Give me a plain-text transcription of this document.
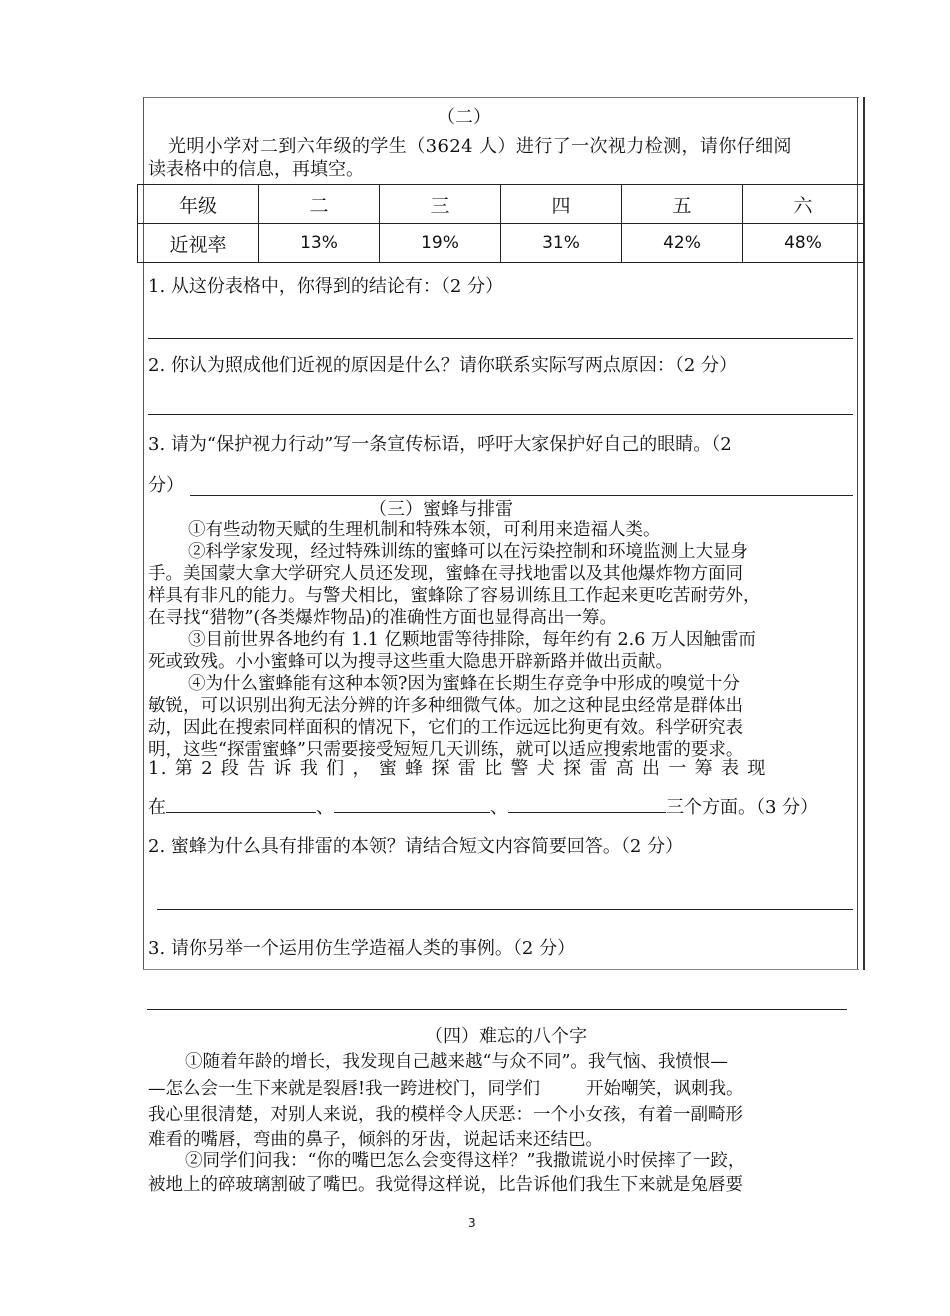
（二）
光明小学对二到六年级的学生（3624 人）进行了一次视力检测，请你仔细阅
读表格中的信息，再填空。
年级	二	三	四	五	六
近视率	13%	19%	31%	42%	48%
1. 从这份表格中，你得到的结论有：（2 分）
2. 你认为照成他们近视的原因是什么？请你联系实际写两点原因：（2 分）
3. 请为“保护视力行动”写一条宣传标语，呼吁大家保护好自己的眼睛。（2
分）
（三）蜜蜂与排雷
①有些动物天赋的生理机制和特殊本领，可利用来造福人类。
②科学家发现，经过特殊训练的蜜蜂可以在污染控制和环境监测上大显身
手。美国蒙大拿大学研究人员还发现，蜜蜂在寻找地雷以及其他爆炸物方面同
样具有非凡的能力。与警犬相比，蜜蜂除了容易训练且工作起来更吃苦耐劳外，
在寻找“猎物”(各类爆炸物品)的准确性方面也显得高出一筹。
③目前世界各地约有 1.1 亿颗地雷等待排除，每年约有 2.6 万人因触雷而
死或致残。小小蜜蜂可以为搜寻这些重大隐患开辟新路并做出贡献。
④为什么蜜蜂能有这种本领?因为蜜蜂在长期生存竞争中形成的嗅觉十分
敏锐，可以识别出狗无法分辨的许多种细微气体。加之这种昆虫经常是群体出
动，因此在搜索同样面积的情况下，它们的工作远远比狗更有效。科学研究表
明，这些“探雷蜜蜂”只需要接受短短几天训练，就可以适应搜索地雷的要求。
1. 第 2 段 告 诉 我 们 ， 蜜 蜂 探 雷 比 警 犬 探 雷 高 出 一 筹 表 现
在	、	、	三个方面。（3 分）
2. 蜜蜂为什么具有排雷的本领？请结合短文内容简要回答。（2 分）
3. 请你另举一个运用仿生学造福人类的事例。（2 分）
（四）难忘的八个字
①随着年龄的增长，我发现自己越来越“与众不同”。我气恼、我愤恨—
—怎么会一生下来就是裂唇!我一跨进校门，同学们	开始嘲笑，讽刺我。
我心里很清楚，对别人来说，我的模样令人厌恶：一个小女孩，有着一副畸形
难看的嘴唇，弯曲的鼻子，倾斜的牙齿，说起话来还结巴。
②同学们问我：“你的嘴巴怎么会变得这样？”我撒谎说小时侯摔了一跤，
被地上的碎玻璃割破了嘴巴。我觉得这样说，比告诉他们我生下来就是兔唇要
3
